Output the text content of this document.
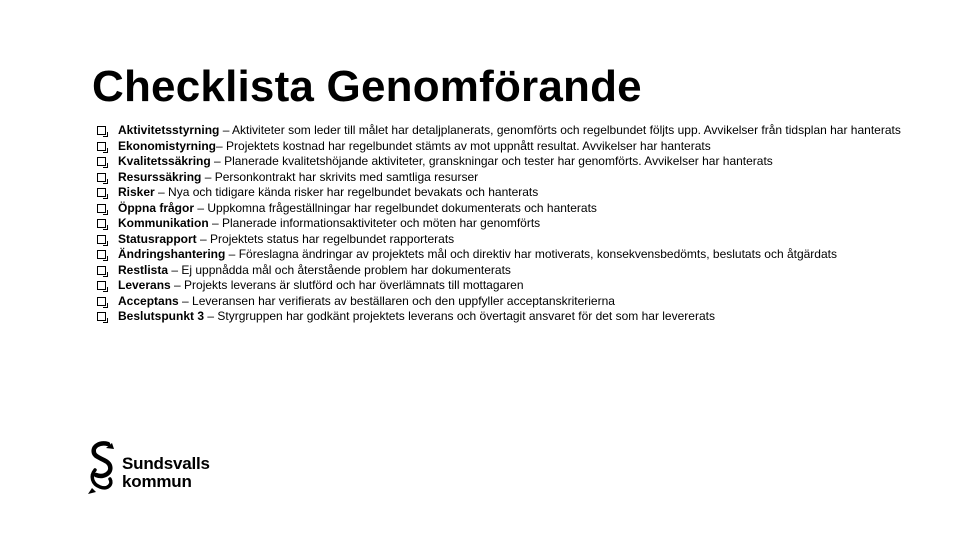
Checklista Genomförande
Aktivitetsstyrning – Aktiviteter som leder till målet har detaljplanerats, genomförts och regelbundet följts upp. Avvikelser från tidsplan har hanterats
Ekonomistyrning– Projektets kostnad har regelbundet stämts av mot uppnått resultat. Avvikelser har hanterats
Kvalitetssäkring – Planerade kvalitetshöjande aktiviteter, granskningar och tester har genomförts. Avvikelser har hanterats
Resurssäkring – Personkontrakt har skrivits med samtliga resurser
Risker – Nya och tidigare kända risker har regelbundet bevakats och hanterats
Öppna frågor – Uppkomna frågeställningar har regelbundet dokumenterats och hanterats
Kommunikation – Planerade informationsaktiviteter och möten har genomförts
Statusrapport – Projektets status har regelbundet rapporterats
Ändringshantering – Föreslagna ändringar av projektets mål och direktiv har motiverats, konsekvensbedömts, beslutats och åtgärdats
Restlista – Ej uppnådda mål och återstående problem har dokumenterats
Leverans – Projekts leverans är slutförd och har överlämnats till mottagaren
Acceptans – Leveransen har verifierats av beställaren och den uppfyller acceptanskriterierna
Beslutspunkt 3 – Styrgruppen har godkänt projektets leverans och övertagit ansvaret för det som har levererats
Sundsvalls
kommun
